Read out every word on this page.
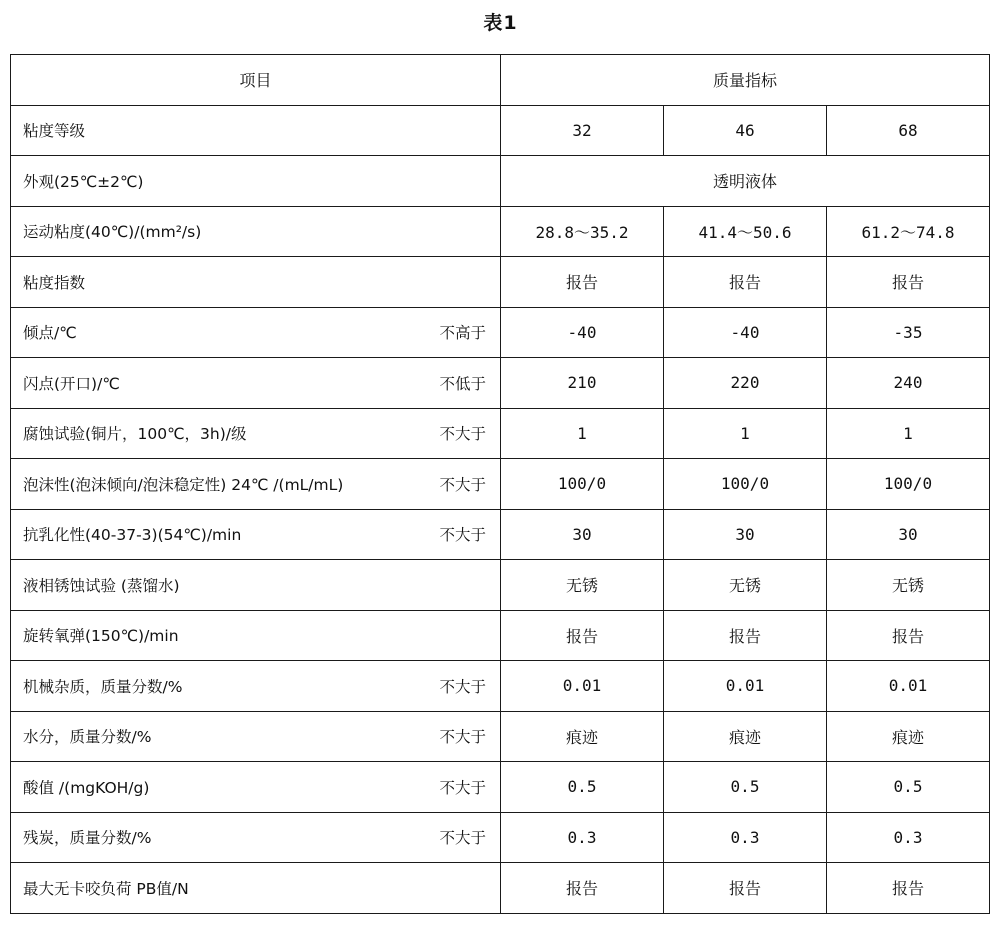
表1
项目	质量指标		

粘度等级	32	46	68

外观(25℃±2℃)	透明液体		

运动粘度(40℃)/(mm²/s)	28.8～35.2	41.4～50.6	61.2～74.8

粘度指数	报告	报告	报告

倾点/℃ 不高于	-40	-40	-35

闪点(开口)/℃ 不低于	210	220	240

腐蚀试验(铜片，100℃，3h)/级 不大于	1	1	1

泡沫性(泡沫倾向/泡沫稳定性) 24℃ /(mL/mL) 不大于	100/0	100/0	100/0

抗乳化性(40-37-3)(54℃)/min 不大于	30	30	30

液相锈蚀试验 (蒸馏水)	无锈	无锈	无锈

旋转氧弹(150℃)/min	报告	报告	报告

机械杂质，质量分数/% 不大于	0.01	0.01	0.01

水分，质量分数/% 不大于	痕迹	痕迹	痕迹

酸值 /(mgKOH/g) 不大于	0.5	0.5	0.5

残炭，质量分数/% 不大于	0.3	0.3	0.3

最大无卡咬负荷 PB值/N	报告	报告	报告
